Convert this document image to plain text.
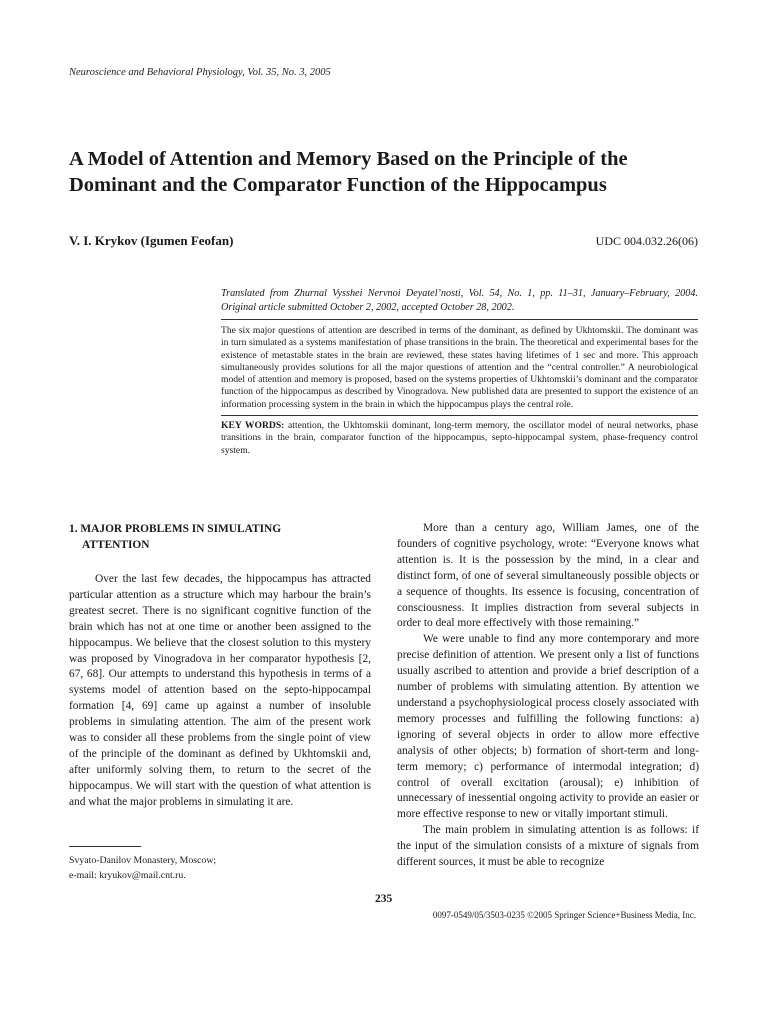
Neuroscience and Behavioral Physiology, Vol. 35, No. 3, 2005
A Model of Attention and Memory Based on the Principle of the Dominant and the Comparator Function of the Hippocampus
V. I. Krykov (Igumen Feofan)	UDC 004.032.26(06)
Translated from Zhurnal Vysshei Nervnoi Deyatel’nosti, Vol. 54, No. 1, pp. 11–31, January–February, 2004. Original article submitted October 2, 2002, accepted October 28, 2002.
The six major questions of attention are described in terms of the dominant, as defined by Ukhtomskii. The dominant was in turn simulated as a systems manifestation of phase transitions in the brain. The theoretical and experimental bases for the existence of metastable states in the brain are reviewed, these states having lifetimes of 1 sec and more. This approach simultaneously provides solutions for all the major questions of attention and the “central controller.” A neurobiological model of attention and memory is proposed, based on the systems properties of Ukhtomskii’s dominant and the comparator function of the hippocampus as described by Vinogradova. New published data are presented to support the existence of an information processing system in the brain in which the hippocampus plays the central role.
KEY WORDS: attention, the Ukhtomskii dominant, long-term memory, the oscillator model of neural networks, phase transitions in the brain, comparator function of the hippocampus, septo-hippocampal system, phase-frequency control system.
1. MAJOR PROBLEMS IN SIMULATING
ATTENTION

Over the last few decades, the hippocampus has attracted particular attention as a structure which may harbour the brain’s greatest secret. There is no significant cognitive function of the brain which has not at one time or another been assigned to the hippocampus. We believe that the closest solution to this mystery was proposed by Vinogradova in her comparator hypothesis [2, 67, 68]. Our attempts to understand this hypothesis in terms of a systems model of attention based on the septo-hippocampal formation [4, 69] came up against a number of insoluble problems in simulating attention. The aim of the present work was to consider all these problems from the single point of view of the principle of the dominant as defined by Ukhtomskii and, after uniformly solving them, to return to the secret of the hippocampus. We will start with the question of what attention is and what the major problems in simulating it are.

More than a century ago, William James, one of the founders of cognitive psychology, wrote: “Everyone knows what attention is. It is the possession by the mind, in a clear and distinct form, of one of several simultaneously possible objects or a sequence of thoughts. Its essence is focusing, concentration of consciousness. It implies distraction from several subjects in order to deal more effectively with those remaining.”

We were unable to find any more contemporary and more precise definition of attention. We present only a list of functions usually ascribed to attention and provide a brief description of a number of problems with simulating attention. By attention we understand a psychophysiological process closely associated with memory processes and fulfilling the following functions: a) ignoring of several objects in order to allow more effective analysis of other objects; b) formation of short-term and long-term memory; c) performance of intermodal integration; d) control of overall excitation (arousal); e) inhibition of unnecessary of inessential ongoing activity to provide an easier or more effective response to new or vitally important stimuli.

The main problem in simulating attention is as follows: if the input of the simulation consists of a mixture of signals from different sources, it must be able to recognize

Svyato-Danilov Monastery, Moscow;
e-mail: kryukov@mail.cnt.ru.
235
0097-0549/05/3503-0235 ©2005 Springer Science+Business Media, Inc.
